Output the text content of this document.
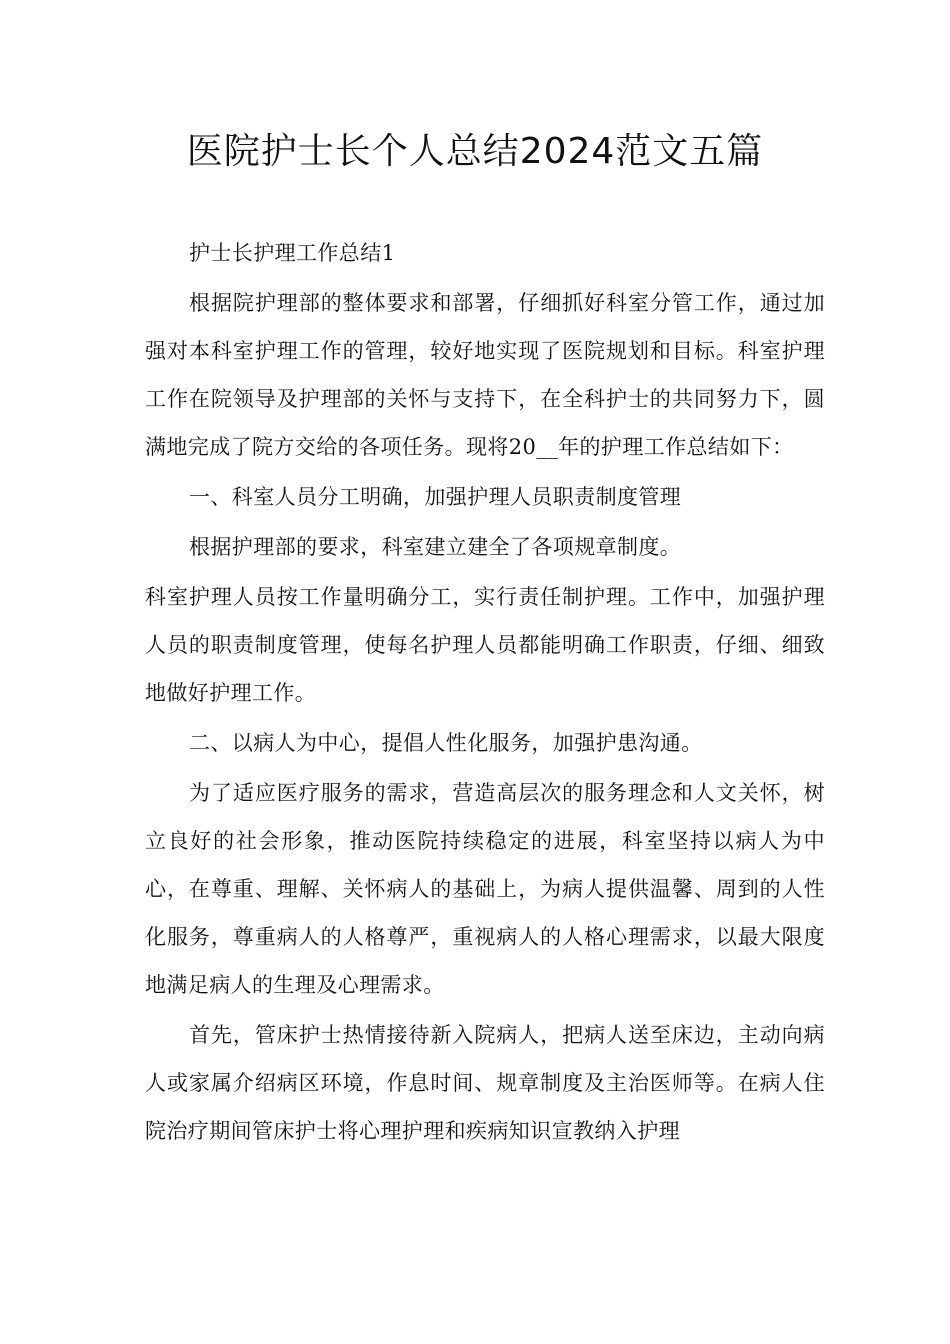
医院护士长个人总结2024范文五篇

护士长护理工作总结1

根据院护理部的整体要求和部署，仔细抓好科室分管工作，通过加强对本科室护理工作的管理，较好地实现了医院规划和目标。科室护理工作在院领导及护理部的关怀与支持下，在全科护士的共同努力下，圆满地完成了院方交给的各项任务。现将20__年的护理工作总结如下：

一、科室人员分工明确，加强护理人员职责制度管理

根据护理部的要求，科室建立建全了各项规章制度。

科室护理人员按工作量明确分工，实行责任制护理。工作中，加强护理人员的职责制度管理，使每名护理人员都能明确工作职责，仔细、细致地做好护理工作。

二、以病人为中心，提倡人性化服务，加强护患沟通。

为了适应医疗服务的需求，营造高层次的服务理念和人文关怀，树立良好的社会形象，推动医院持续稳定的进展，科室坚持以病人为中心，在尊重、理解、关怀病人的基础上，为病人提供温馨、周到的人性化服务，尊重病人的人格尊严，重视病人的人格心理需求，以最大限度地满足病人的生理及心理需求。

首先，管床护士热情接待新入院病人，把病人送至床边，主动向病人或家属介绍病区环境，作息时间、规章制度及主治医师等。在病人住院治疗期间管床护士将心理护理和疾病知识宣教纳入护理
